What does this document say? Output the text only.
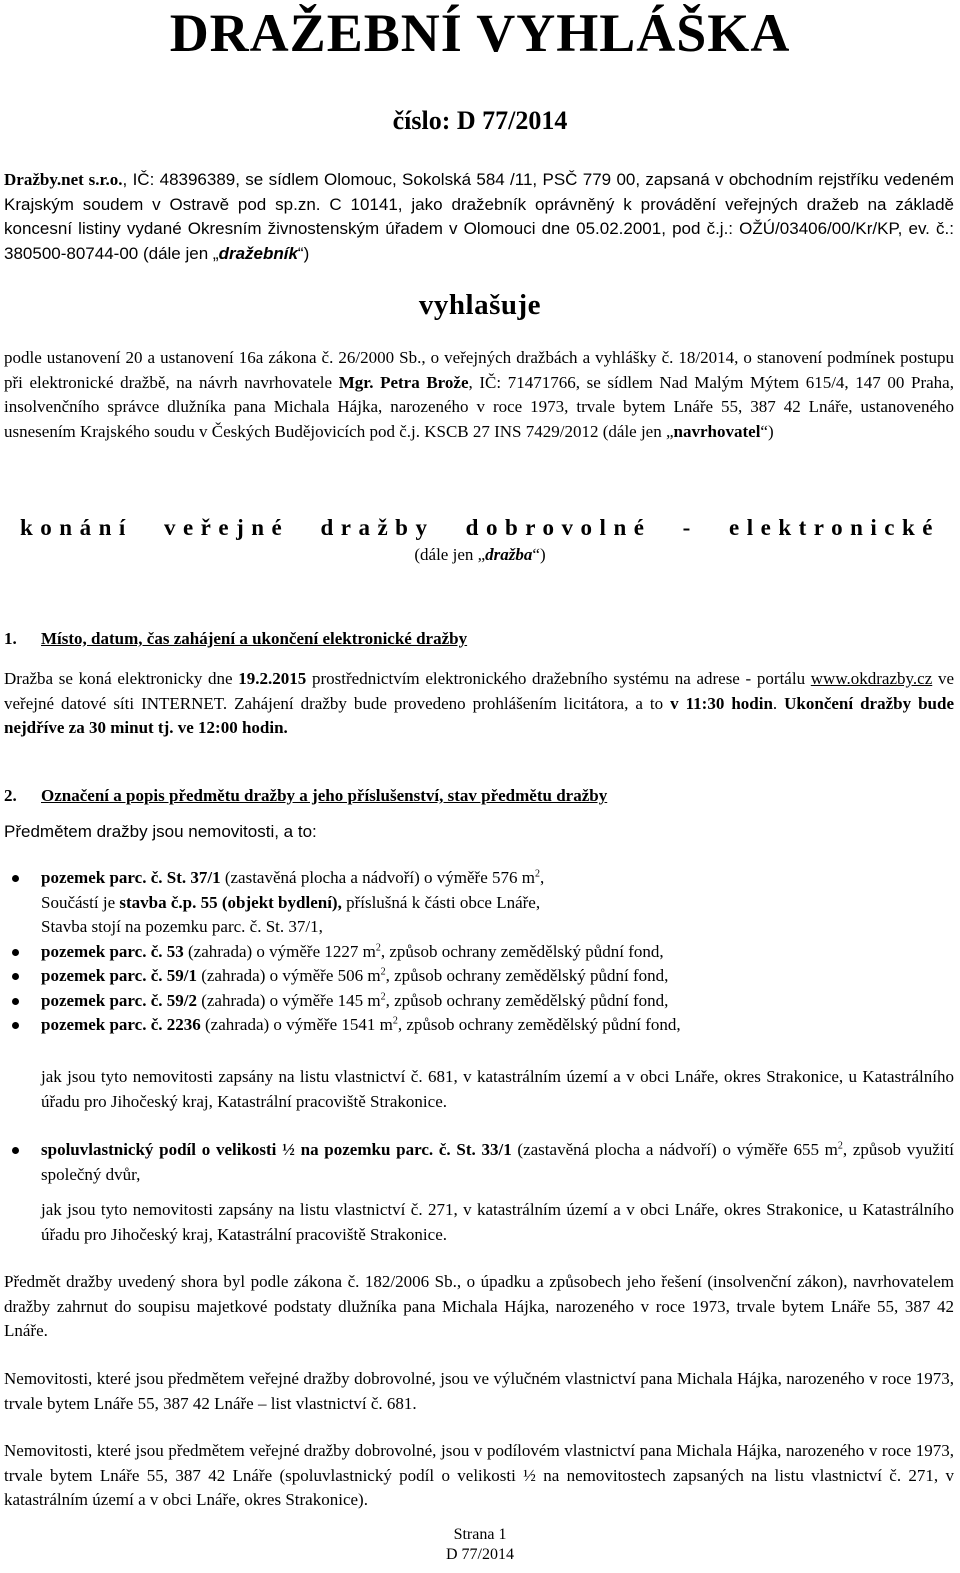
DRAŽEBNÍ VYHLÁŠKA
číslo: D 77/2014
Dražby.net s.r.o., IČ: 48396389, se sídlem Olomouc, Sokolská 584 /11, PSČ 779 00, zapsaná v obchodním rejstříku vedeném Krajským soudem v Ostravě pod sp.zn. C 10141, jako dražebník oprávněný k provádění veřejných dražeb na základě koncesní listiny vydané Okresním živnostenským úřadem v Olomouci dne 05.02.2001, pod č.j.: OŽÚ/03406/00/Kr/KP, ev. č.: 380500-80744-00 (dále jen „dražebník“)
vyhlašuje
podle ustanovení 20 a ustanovení 16a zákona č. 26/2000 Sb., o veřejných dražbách a vyhlášky č. 18/2014, o stanovení podmínek postupu při elektronické dražbě, na návrh navrhovatele Mgr. Petra Brože, IČ: 71471766, se sídlem Nad Malým Mýtem 615/4, 147 00 Praha, insolvenčního správce dlužníka pana Michala Hájka, narozeného v roce 1973, trvale bytem Lnáře 55, 387 42 Lnáře, ustanoveného usnesením Krajského soudu v Českých Budějovicích pod č.j. KSCB 27 INS 7429/2012 (dále jen „navrhovatel“)
konání veřejné dražby dobrovolné - elektronické
(dále jen „dražba“)
1. Místo, datum, čas zahájení a ukončení elektronické dražby
Dražba se koná elektronicky dne 19.2.2015 prostřednictvím elektronického dražebního systému na adrese - portálu www.okdrazby.cz ve veřejné datové síti INTERNET. Zahájení dražby bude provedeno prohlášením licitátora, a to v 11:30 hodin. Ukončení dražby bude nejdříve za 30 minut tj. ve 12:00 hodin.
2. Označení a popis předmětu dražby a jeho příslušenství, stav předmětu dražby
Předmětem dražby jsou nemovitosti, a to:
pozemek parc. č. St. 37/1 (zastavěná plocha a nádvoří) o výměře 576 $m^2$,
Součástí je stavba č.p. 55 (objekt bydlení), příslušná k části obce Lnáře,
Stavba stojí na pozemku parc. č. St. 37/1,
pozemek parc. č. 53 (zahrada) o výměře 1227 $m^2$, způsob ochrany zemědělský půdní fond,
pozemek parc. č. 59/1 (zahrada) o výměře 506 $m^2$, způsob ochrany zemědělský půdní fond,
pozemek parc. č. 59/2 (zahrada) o výměře 145 $m^2$, způsob ochrany zemědělský půdní fond,
pozemek parc. č. 2236 (zahrada) o výměře 1541 $m^2$, způsob ochrany zemědělský půdní fond,
jak jsou tyto nemovitosti zapsány na listu vlastnictví č. 681, v katastrálním území a v obci Lnáře, okres Strakonice, u Katastrálního úřadu pro Jihočeský kraj, Katastrální pracoviště Strakonice.
spoluvlastnický podíl o velikosti ½ na pozemku parc. č. St. 33/1 (zastavěná plocha a nádvoří) o výměře 655 $m^2$, způsob využití společný dvůr,
jak jsou tyto nemovitosti zapsány na listu vlastnictví č. 271, v katastrálním území a v obci Lnáře, okres Strakonice, u Katastrálního úřadu pro Jihočeský kraj, Katastrální pracoviště Strakonice.
Předmět dražby uvedený shora byl podle zákona č. 182/2006 Sb., o úpadku a způsobech jeho řešení (insolvenční zákon), navrhovatelem dražby zahrnut do soupisu majetkové podstaty dlužníka pana Michala Hájka, narozeného v roce 1973, trvale bytem Lnáře 55, 387 42 Lnáře.
Nemovitosti, které jsou předmětem veřejné dražby dobrovolné, jsou ve výlučném vlastnictví pana Michala Hájka, narozeného v roce 1973, trvale bytem Lnáře 55, 387 42 Lnáře – list vlastnictví č. 681.
Nemovitosti, které jsou předmětem veřejné dražby dobrovolné, jsou v podílovém vlastnictví pana Michala Hájka, narozeného v roce 1973, trvale bytem Lnáře 55, 387 42 Lnáře (spoluvlastnický podíl o velikosti ½ na nemovitostech zapsaných na listu vlastnictví č. 271, v katastrálním území a v obci Lnáře, okres Strakonice).
Strana 1
D 77/2014
